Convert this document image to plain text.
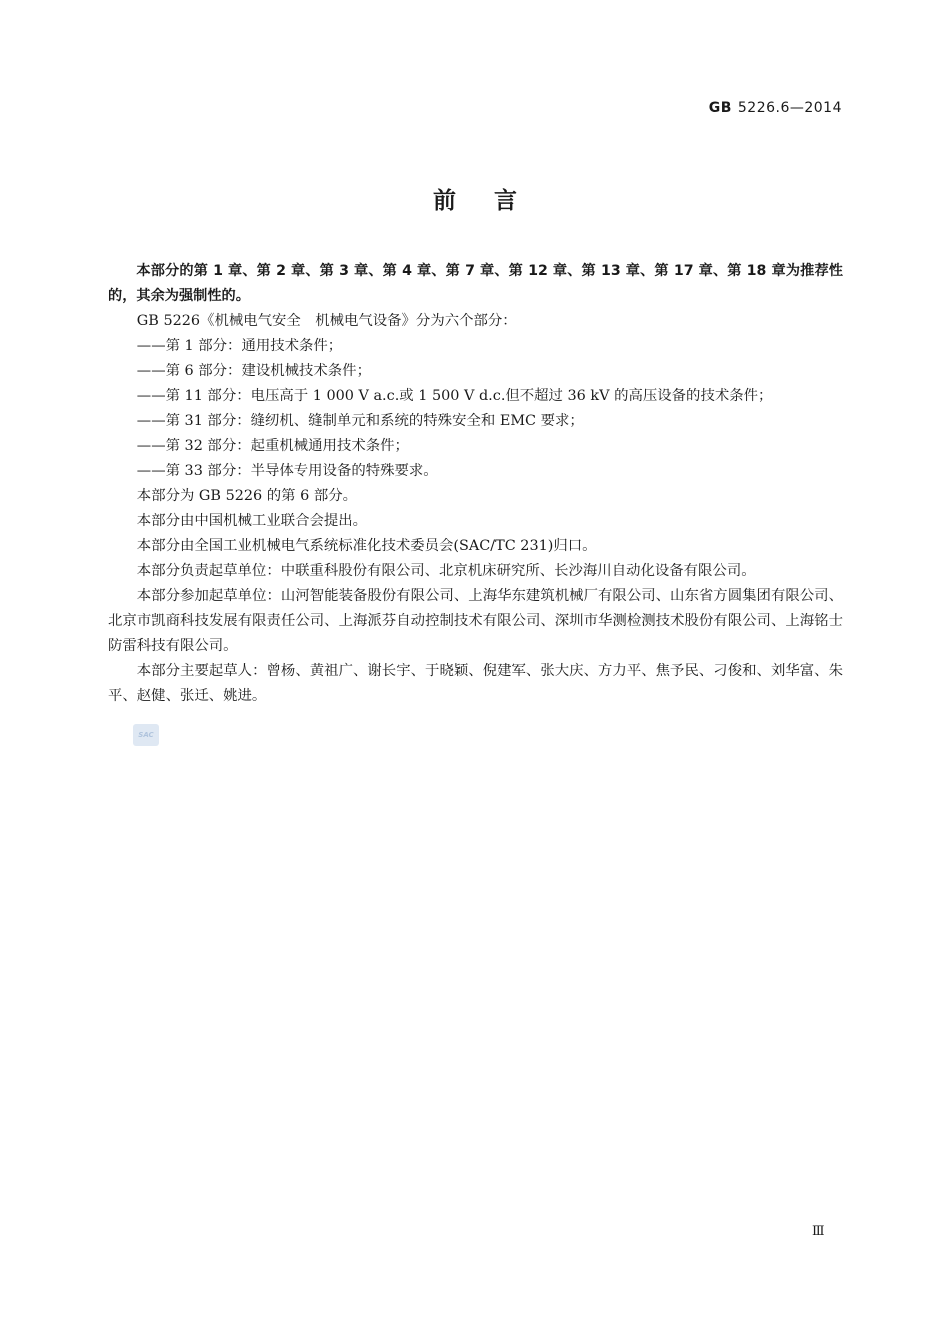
GB 5226.6—2014
前言

本部分的第 1 章、第 2 章、第 3 章、第 4 章、第 7 章、第 12 章、第 13 章、第 17 章、第 18 章为推荐性的，其余为强制性的。

GB 5226《机械电气安全　机械电气设备》分为六个部分：

——第 1 部分：通用技术条件；

——第 6 部分：建设机械技术条件；

——第 11 部分：电压高于 1 000 V a.c.或 1 500 V d.c.但不超过 36 kV 的高压设备的技术条件；

——第 31 部分：缝纫机、缝制单元和系统的特殊安全和 EMC 要求；

——第 32 部分：起重机械通用技术条件；

——第 33 部分：半导体专用设备的特殊要求。

本部分为 GB 5226 的第 6 部分。

本部分由中国机械工业联合会提出。

本部分由全国工业机械电气系统标准化技术委员会(SAC/TC 231)归口。

本部分负责起草单位：中联重科股份有限公司、北京机床研究所、长沙海川自动化设备有限公司。

本部分参加起草单位：山河智能装备股份有限公司、上海华东建筑机械厂有限公司、山东省方圆集团有限公司、北京市凯商科技发展有限责任公司、上海派芬自动控制技术有限公司、深圳市华测检测技术股份有限公司、上海铭士防雷科技有限公司。

本部分主要起草人：曾杨、黄祖广、谢长宇、于晓颖、倪建军、张大庆、方力平、焦予民、刁俊和、刘华富、朱平、赵健、张迁、姚进。

SAC
Ⅲ
